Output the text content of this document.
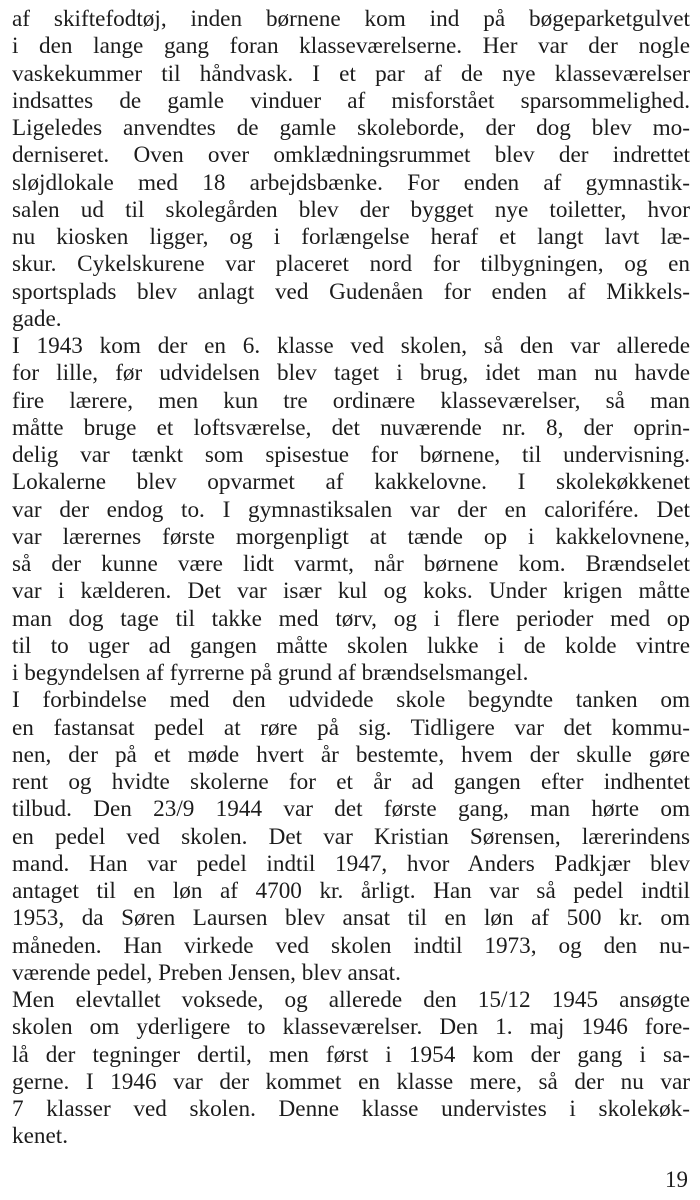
af skiftefodtøj, inden børnene kom ind på bøgeparketgulvet
i den lange gang foran klasseværelserne. Her var der nogle
vaskekummer til håndvask. I et par af de nye klasseværelser
indsattes de gamle vinduer af misforstået sparsommelighed.
Ligeledes anvendtes de gamle skoleborde, der dog blev mo-
derniseret. Oven over omklædningsrummet blev der indrettet
sløjdlokale med 18 arbejdsbænke. For enden af gymnastik-
salen ud til skolegården blev der bygget nye toiletter, hvor
nu kiosken ligger, og i forlængelse heraf et langt lavt læ-
skur. Cykelskurene var placeret nord for tilbygningen, og en
sportsplads blev anlagt ved Gudenåen for enden af Mikkels-
gade.
I 1943 kom der en 6. klasse ved skolen, så den var allerede
for lille, før udvidelsen blev taget i brug, idet man nu havde
fire lærere, men kun tre ordinære klasseværelser, så man
måtte bruge et loftsværelse, det nuværende nr. 8, der oprin-
delig var tænkt som spisestue for børnene, til undervisning.
Lokalerne blev opvarmet af kakkelovne. I skolekøkkenet
var der endog to. I gymnastiksalen var der en calorifére. Det
var lærernes første morgenpligt at tænde op i kakkelovnene,
så der kunne være lidt varmt, når børnene kom. Brændselet
var i kælderen. Det var især kul og koks. Under krigen måtte
man dog tage til takke med tørv, og i flere perioder med op
til to uger ad gangen måtte skolen lukke i de kolde vintre
i begyndelsen af fyrrerne på grund af brændselsmangel.
I forbindelse med den udvidede skole begyndte tanken om
en fastansat pedel at røre på sig. Tidligere var det kommu-
nen, der på et møde hvert år bestemte, hvem der skulle gøre
rent og hvidte skolerne for et år ad gangen efter indhentet
tilbud. Den 23/9 1944 var det første gang, man hørte om
en pedel ved skolen. Det var Kristian Sørensen, lærerindens
mand. Han var pedel indtil 1947, hvor Anders Padkjær blev
antaget til en løn af 4700 kr. årligt. Han var så pedel indtil
1953, da Søren Laursen blev ansat til en løn af 500 kr. om
måneden. Han virkede ved skolen indtil 1973, og den nu-
værende pedel, Preben Jensen, blev ansat.
Men elevtallet voksede, og allerede den 15/12 1945 ansøgte
skolen om yderligere to klasseværelser. Den 1. maj 1946 fore-
lå der tegninger dertil, men først i 1954 kom der gang i sa-
gerne. I 1946 var der kommet en klasse mere, så der nu var
7 klasser ved skolen. Denne klasse undervistes i skolekøk-
kenet.
19
